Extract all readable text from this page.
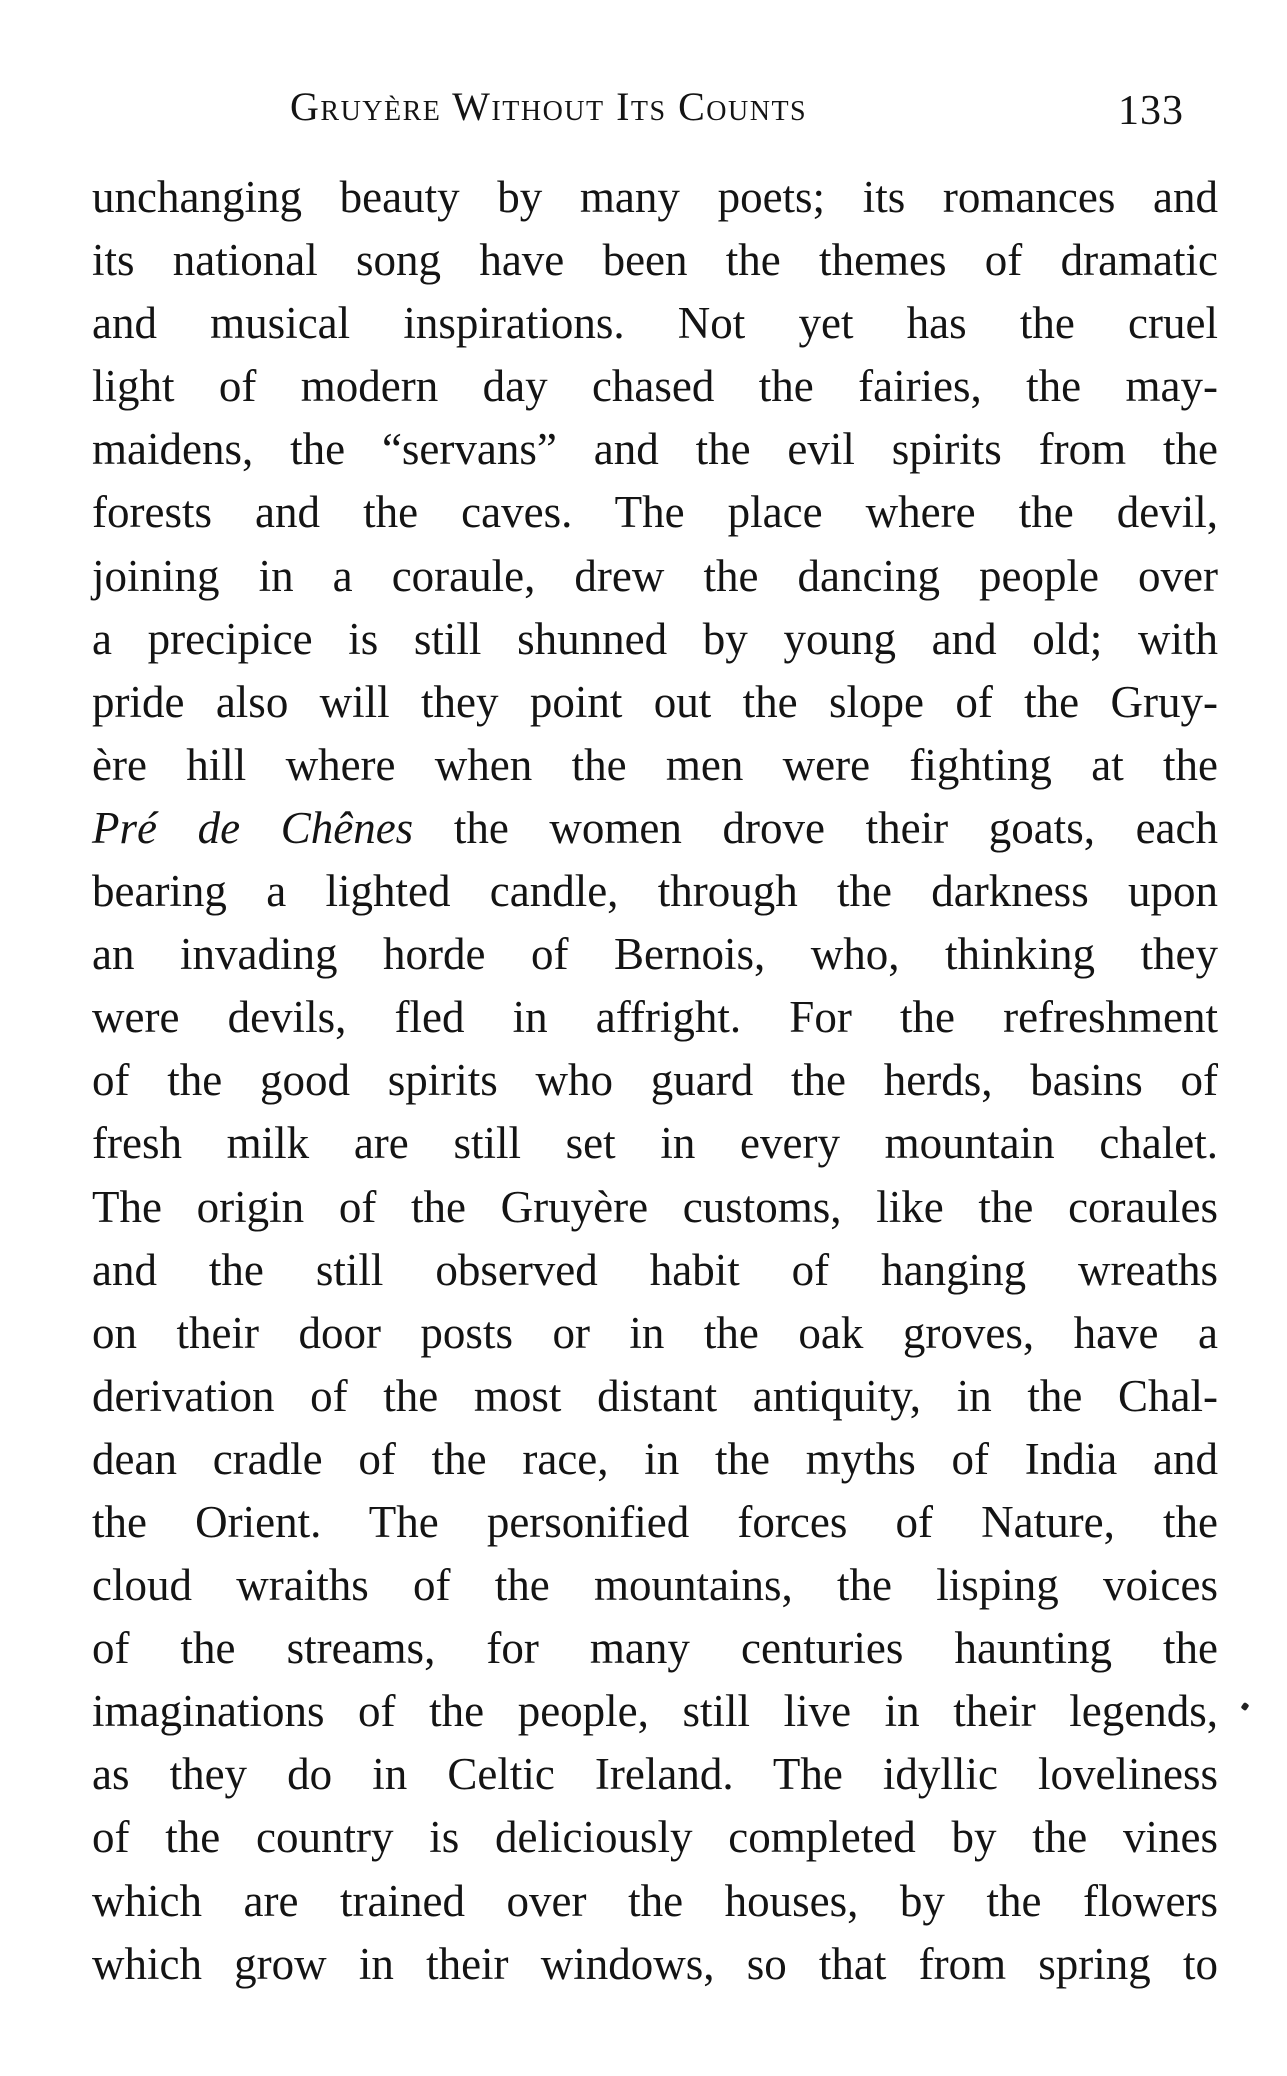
Gruyère Without Its Counts	133
unchanging beauty by many poets; its romances and
its national song have been the themes of dramatic
and musical inspirations. Not yet has the cruel
light of modern day chased the fairies, the may-
maidens, the “servans” and the evil spirits from the
forests and the caves. The place where the devil,
joining in a coraule, drew the dancing people over
a precipice is still shunned by young and old; with
pride also will they point out the slope of the Gruy-
ère hill where when the men were fighting at the
Pré de Chênes the women drove their goats, each
bearing a lighted candle, through the darkness upon
an invading horde of Bernois, who, thinking they
were devils, fled in affright. For the refreshment
of the good spirits who guard the herds, basins of
fresh milk are still set in every mountain chalet.
The origin of the Gruyère customs, like the coraules
and the still observed habit of hanging wreaths
on their door posts or in the oak groves, have a
derivation of the most distant antiquity, in the Chal-
dean cradle of the race, in the myths of India and
the Orient. The personified forces of Nature, the
cloud wraiths of the mountains, the lisping voices
of the streams, for many centuries haunting the
imaginations of the people, still live in their legends,
as they do in Celtic Ireland. The idyllic loveliness
of the country is deliciously completed by the vines
which are trained over the houses, by the flowers
which grow in their windows, so that from spring to
